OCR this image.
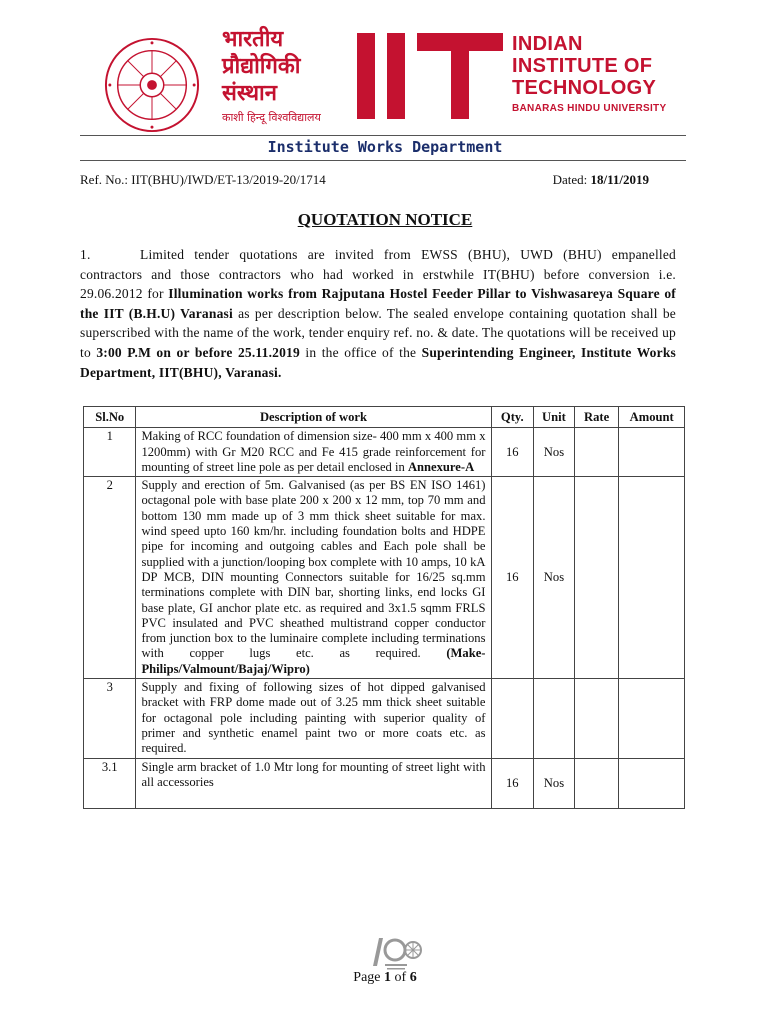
भारतीय
प्रौद्योगिकी
संस्थान
काशी हिन्दू विश्वविद्यालय
INDIAN
INSTITUTE OF
TECHNOLOGY
BANARAS HINDU UNIVERSITY
Institute Works Department
Ref. No.: IIT(BHU)/IWD/ET-13/2019-20/1714	Dated: 18/11/2019
QUOTATION NOTICE
1.	Limited tender quotations are invited from EWSS (BHU), UWD (BHU) empanelled contractors and those contractors who had worked in erstwhile IT(BHU) before conversion i.e. 29.06.2012 for Illumination works from Rajputana Hostel Feeder Pillar to Vishwasareya Square of the IIT (B.H.U) Varanasi as per description below. The sealed envelope containing quotation shall be superscribed with the name of the work, tender enquiry ref. no. & date. The quotations will be received up to 3:00 P.M on or before 25.11.2019 in the office of the Superintending Engineer, Institute Works Department, IIT(BHU), Varanasi.
Sl.No	Description of work	Qty.	Unit	Rate	Amount
1	Making of RCC foundation of dimension size- 400 mm x 400 mm x 1200mm) with Gr M20 RCC and Fe 415 grade reinforcement for mounting of street line pole as per detail enclosed in Annexure-A	16	Nos		
2	Supply and erection of 5m. Galvanised (as per BS EN ISO 1461) octagonal pole with base plate 200 x 200 x 12 mm, top 70 mm and bottom 130 mm made up of 3 mm thick sheet suitable for max. wind speed upto 160 km/hr. including foundation bolts and HDPE pipe for incoming and outgoing cables and Each pole shall be supplied with a junction/looping box complete with 10 amps, 10 kA DP MCB, DIN mounting Connectors suitable for 16/25 sq.mm terminations complete with DIN bar, shorting links, end locks GI base plate, GI anchor plate etc. as required and 3x1.5 sqmm FRLS PVC insulated and PVC sheathed multistrand copper conductor from junction box to the luminaire complete including terminations with copper lugs etc. as required. (Make-Philips/Valmount/Bajaj/Wipro)	16	Nos		
3	Supply and fixing of following sizes of hot dipped galvanised bracket with FRP dome made out of 3.25 mm thick sheet suitable for octagonal pole including painting with superior quality of primer and synthetic enamel paint two or more coats etc. as required.				
3.1	Single arm bracket of 1.0 Mtr long for mounting of street light with all accessories	16	Nos		
Page 1 of 6
